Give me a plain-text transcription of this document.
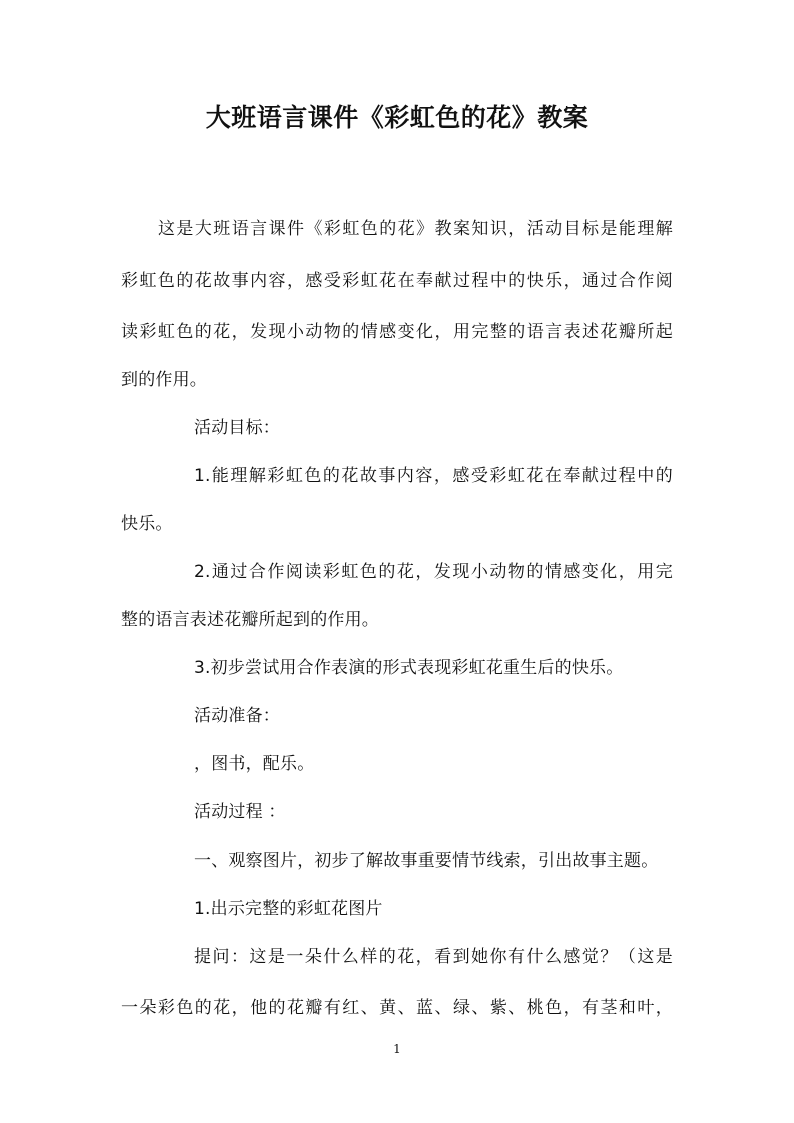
大班语言课件《彩虹色的花》教案
这是大班语言课件《彩虹色的花》教案知识，活动目标是能理解
彩虹色的花故事内容，感受彩虹花在奉献过程中的快乐，通过合作阅
读彩虹色的花，发现小动物的情感变化，用完整的语言表述花瓣所起
到的作用。
活动目标：
1.能理解彩虹色的花故事内容，感受彩虹花在奉献过程中的
快乐。
2.通过合作阅读彩虹色的花，发现小动物的情感变化，用完
整的语言表述花瓣所起到的作用。
3.初步尝试用合作表演的形式表现彩虹花重生后的快乐。
活动准备：
，图书，配乐。
活动过程 ：
一、观察图片，初步了解故事重要情节线索，引出故事主题。
1.出示完整的彩虹花图片
提问：这是一朵什么样的花，看到她你有什么感觉？（这是
一朵彩色的花，他的花瓣有红、黄、蓝、绿、紫、桃色，有茎和叶，
1
